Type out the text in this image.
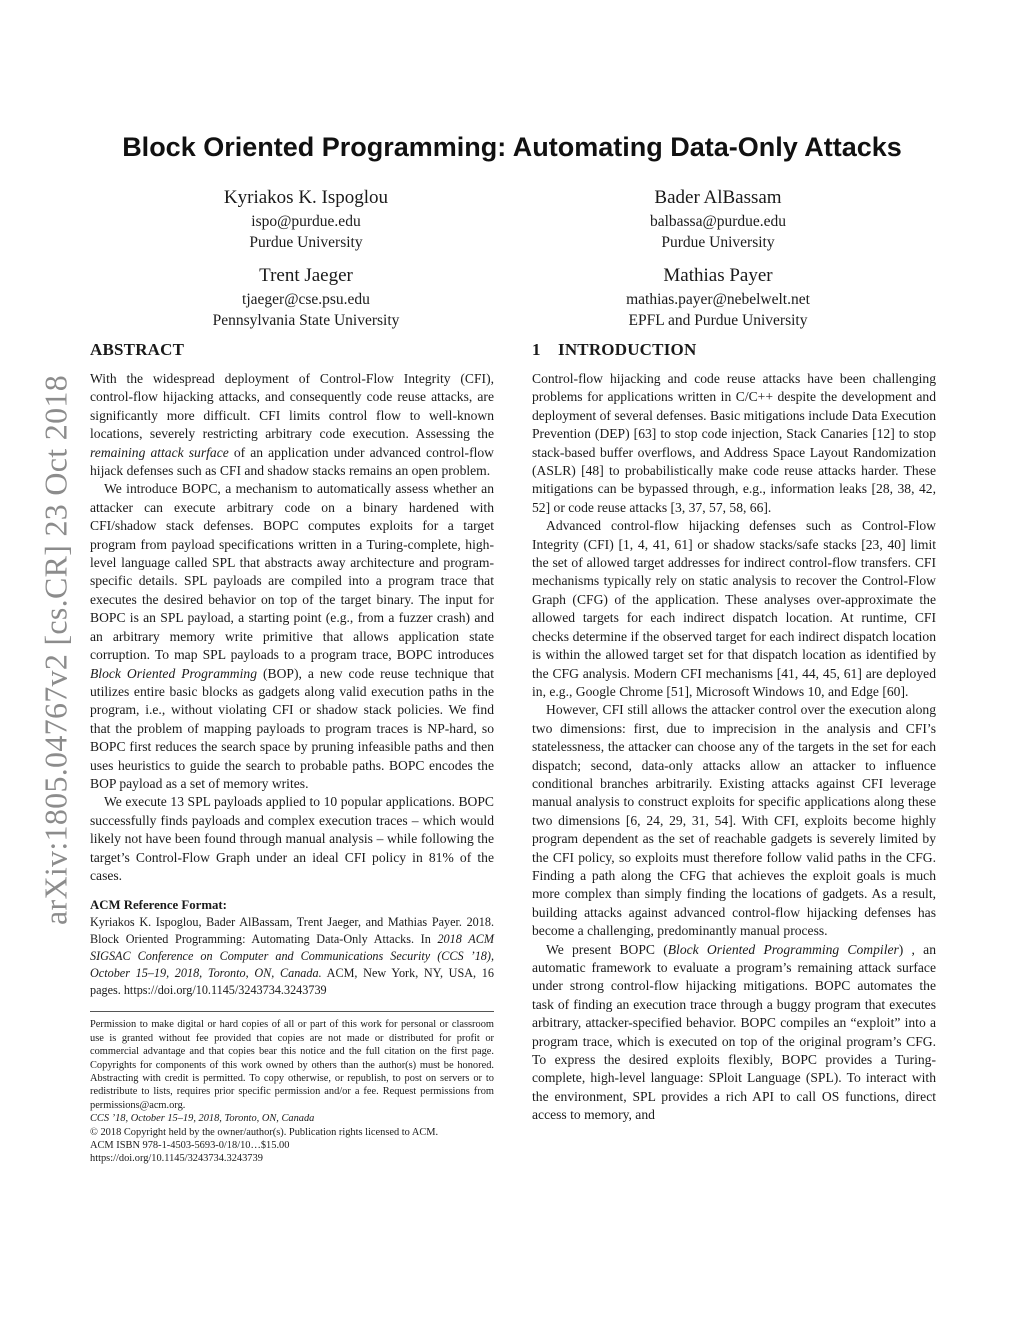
arXiv:1805.04767v2 [cs.CR] 23 Oct 2018
Block Oriented Programming: Automating Data-Only Attacks
Kyriakos K. Ispoglou
ispo@purdue.edu
Purdue University
Bader AlBassam
balbassa@purdue.edu
Purdue University
Trent Jaeger
tjaeger@cse.psu.edu
Pennsylvania State University
Mathias Payer
mathias.payer@nebelwelt.net
EPFL and Purdue University
ABSTRACT

With the widespread deployment of Control-Flow Integrity (CFI), control-flow hijacking attacks, and consequently code reuse attacks, are significantly more difficult. CFI limits control flow to well-known locations, severely restricting arbitrary code execution. Assessing the remaining attack surface of an application under advanced control-flow hijack defenses such as CFI and shadow stacks remains an open problem.

We introduce BOPC, a mechanism to automatically assess whether an attacker can execute arbitrary code on a binary hardened with CFI/shadow stack defenses. BOPC computes exploits for a target program from payload specifications written in a Turing-complete, high-level language called SPL that abstracts away architecture and program-specific details. SPL payloads are compiled into a program trace that executes the desired behavior on top of the target binary. The input for BOPC is an SPL payload, a starting point (e.g., from a fuzzer crash) and an arbitrary memory write primitive that allows application state corruption. To map SPL payloads to a program trace, BOPC introduces Block Oriented Programming (BOP), a new code reuse technique that utilizes entire basic blocks as gadgets along valid execution paths in the program, i.e., without violating CFI or shadow stack policies. We find that the problem of mapping payloads to program traces is NP-hard, so BOPC first reduces the search space by pruning infeasible paths and then uses heuristics to guide the search to probable paths. BOPC encodes the BOP payload as a set of memory writes.

We execute 13 SPL payloads applied to 10 popular applications. BOPC successfully finds payloads and complex execution traces – which would likely not have been found through manual analysis – while following the target’s Control-Flow Graph under an ideal CFI policy in 81% of the cases.

ACM Reference Format:
Kyriakos K. Ispoglou, Bader AlBassam, Trent Jaeger, and Mathias Payer. 2018. Block Oriented Programming: Automating Data-Only Attacks. In 2018 ACM SIGSAC Conference on Computer and Communications Security (CCS ’18), October 15–19, 2018, Toronto, ON, Canada. ACM, New York, NY, USA, 16 pages. https://doi.org/10.1145/3243734.3243739
Permission to make digital or hard copies of all or part of this work for personal or classroom use is granted without fee provided that copies are not made or distributed for profit or commercial advantage and that copies bear this notice and the full citation on the first page. Copyrights for components of this work owned by others than the author(s) must be honored. Abstracting with credit is permitted. To copy otherwise, or republish, to post on servers or to redistribute to lists, requires prior specific permission and/or a fee. Request permissions from permissions@acm.org.
CCS ’18, October 15–19, 2018, Toronto, ON, Canada
© 2018 Copyright held by the owner/author(s). Publication rights licensed to ACM.
ACM ISBN 978-1-4503-5693-0/18/10…$15.00
https://doi.org/10.1145/3243734.3243739
1 INTRODUCTION

Control-flow hijacking and code reuse attacks have been challenging problems for applications written in C/C++ despite the development and deployment of several defenses. Basic mitigations include Data Execution Prevention (DEP) [63] to stop code injection, Stack Canaries [12] to stop stack-based buffer overflows, and Address Space Layout Randomization (ASLR) [48] to probabilistically make code reuse attacks harder. These mitigations can be bypassed through, e.g., information leaks [28, 38, 42, 52] or code reuse attacks [3, 37, 57, 58, 66].

Advanced control-flow hijacking defenses such as Control-Flow Integrity (CFI) [1, 4, 41, 61] or shadow stacks/safe stacks [23, 40] limit the set of allowed target addresses for indirect control-flow transfers. CFI mechanisms typically rely on static analysis to recover the Control-Flow Graph (CFG) of the application. These analyses over-approximate the allowed targets for each indirect dispatch location. At runtime, CFI checks determine if the observed target for each indirect dispatch location is within the allowed target set for that dispatch location as identified by the CFG analysis. Modern CFI mechanisms [41, 44, 45, 61] are deployed in, e.g., Google Chrome [51], Microsoft Windows 10, and Edge [60].

However, CFI still allows the attacker control over the execution along two dimensions: first, due to imprecision in the analysis and CFI’s statelessness, the attacker can choose any of the targets in the set for each dispatch; second, data-only attacks allow an attacker to influence conditional branches arbitrarily. Existing attacks against CFI leverage manual analysis to construct exploits for specific applications along these two dimensions [6, 24, 29, 31, 54]. With CFI, exploits become highly program dependent as the set of reachable gadgets is severely limited by the CFI policy, so exploits must therefore follow valid paths in the CFG. Finding a path along the CFG that achieves the exploit goals is much more complex than simply finding the locations of gadgets. As a result, building attacks against advanced control-flow hijacking defenses has become a challenging, predominantly manual process.

We present BOPC (Block Oriented Programming Compiler) , an automatic framework to evaluate a program’s remaining attack surface under strong control-flow hijacking mitigations. BOPC automates the task of finding an execution trace through a buggy program that executes arbitrary, attacker-specified behavior. BOPC compiles an “exploit” into a program trace, which is executed on top of the original program’s CFG. To express the desired exploits flexibly, BOPC provides a Turing-complete, high-level language: SPloit Language (SPL). To interact with the environment, SPL provides a rich API to call OS functions, direct access to memory, and
